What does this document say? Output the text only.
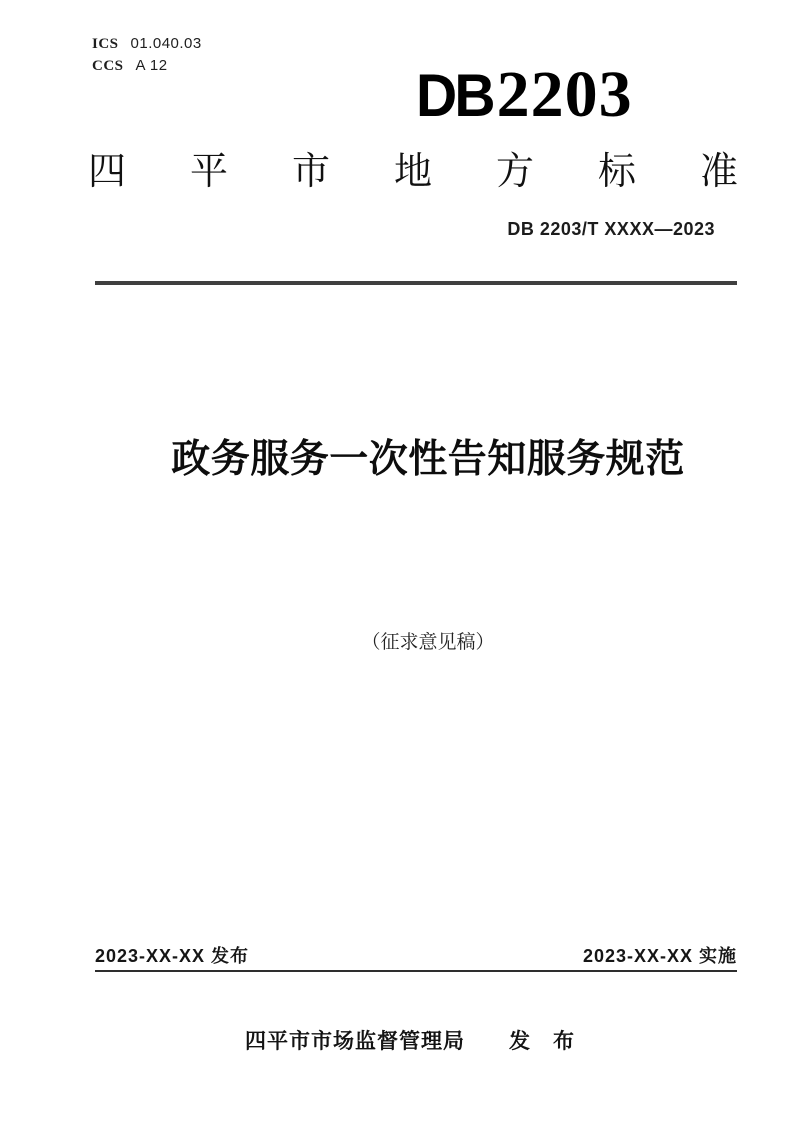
ICS 01.040.03
CCS A 12	DB2203
四平市地方标准
DB 2203/T XXXX—2023
政务服务一次性告知服务规范
（征求意见稿）
2023-XX-XX 发布	2023-XX-XX 实施
四平市市场监督管理局　　发　布
